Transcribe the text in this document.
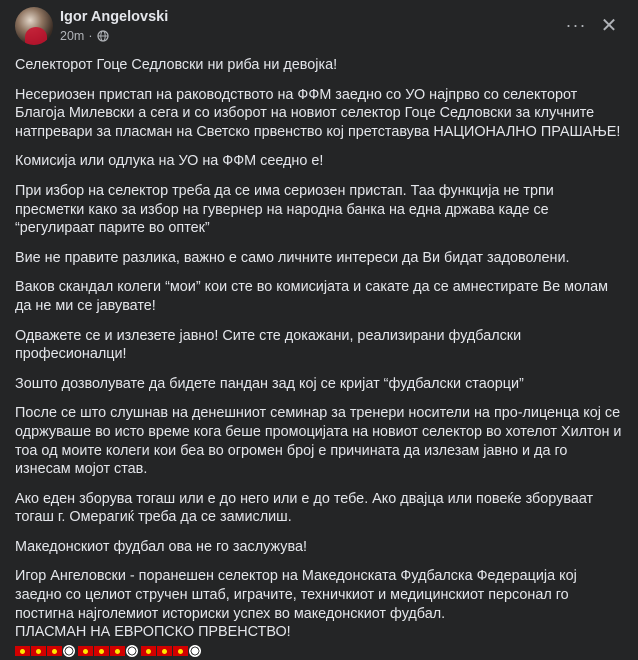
Igor Angelovski
20m ·
··· ✕

Селекторот Гоце Седловски ни риба ни девојка!

Несериозен пристап на раководството на ФФМ заедно со УО најпрво со селекторот Благоја Милевски а сега и со изборот на новиот селектор Гоце Седловски за клучните натпревари за пласман на Светско првенство кој претставува НАЦИОНАЛНО ПРАШАЊЕ!

Комисија или одлука на УО на ФФМ сеедно е!

При избор на селектор треба да се има сериозен пристап. Таа функција не трпи пресметки како за избор на гувернер на народна банка на една држава каде се “регулираат парите во оптек”

Вие не правите разлика, важно е само личните интереси да Ви бидат задоволени.

Ваков скандал колеги “мои” кои сте во комисијата и сакате да се амнестирате Ве молам да не ми се јавувате!

Одважете се и излезете јавно! Сите сте докажани, реализирани фудбалски професионалци!

Зошто дозволувате да бидете пандан зад кој се кријат “фудбалски стаорци”

После се што слушнав на денешниот семинар за тренери носители на про-лиценца кој се одржуваше во исто време кога беше промоцијата на новиот селектор во хотелот Хилтон и тоа од моите колеги кои беа во огромен број е причината да излезам јавно и да го изнесам мојот став.

Ако еден зборува тогаш или е до него или е до тебе. Ако двајца или повеќе зборуваат тогаш г. Омерагиќ треба да се замислиш.

Македонскиот фудбал ова не го заслужува!

Игор Ангеловски - поранешен селектор на Македонската Фудбалска Федерација кој заедно со целиот стручен штаб, играчите, техничкиот и медицинскиот персонал го постигна најголемиот историски успех во македонскиот фудбал.

ПЛАСМАН НА ЕВРОПСКО ПРВЕНСТВО!
